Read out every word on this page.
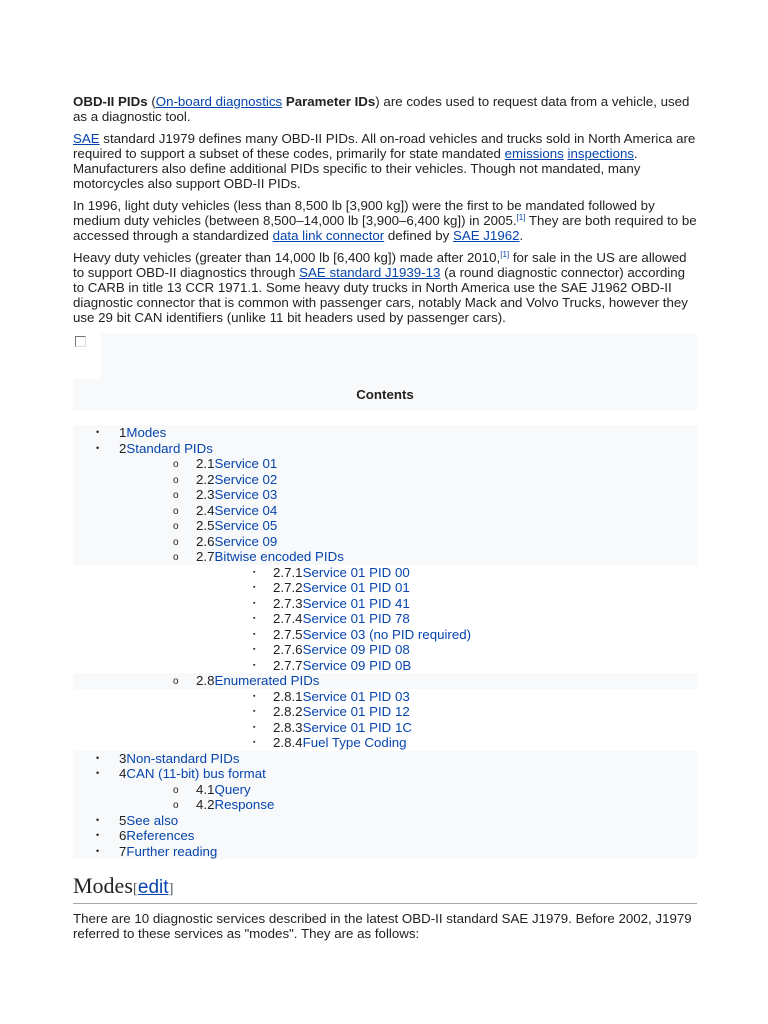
OBD-II PIDs (On-board diagnostics Parameter IDs) are codes used to request data from a vehicle, used as a diagnostic tool.

SAE standard J1979 defines many OBD-II PIDs. All on-road vehicles and trucks sold in North America are required to support a subset of these codes, primarily for state mandated emissions inspections. Manufacturers also define additional PIDs specific to their vehicles. Though not mandated, many motorcycles also support OBD-II PIDs.

In 1996, light duty vehicles (less than 8,500 lb [3,900 kg]) were the first to be mandated followed by medium duty vehicles (between 8,500–14,000 lb [3,900–6,400 kg]) in 2005.[1] They are both required to be accessed through a standardized data link connector defined by SAE J1962.

Heavy duty vehicles (greater than 14,000 lb [6,400 kg]) made after 2010,[1] for sale in the US are allowed to support OBD-II diagnostics through SAE standard J1939-13 (a round diagnostic connector) according to CARB in title 13 CCR 1971.1. Some heavy duty trucks in North America use the SAE J1962 OBD-II diagnostic connector that is common with passenger cars, notably Mack and Volvo Trucks, however they use 29 bit CAN identifiers (unlike 11 bit headers used by passenger cars).

Contents
• 1Modes
• 2Standard PIDs
o 2.1Service 01
o 2.2Service 02
o 2.3Service 03
o 2.4Service 04
o 2.5Service 05
o 2.6Service 09
o 2.7Bitwise encoded PIDs
▪ 2.7.1Service 01 PID 00
▪ 2.7.2Service 01 PID 01
▪ 2.7.3Service 01 PID 41
▪ 2.7.4Service 01 PID 78
▪ 2.7.5Service 03 (no PID required)
▪ 2.7.6Service 09 PID 08
▪ 2.7.7Service 09 PID 0B
o 2.8Enumerated PIDs
▪ 2.8.1Service 01 PID 03
▪ 2.8.2Service 01 PID 12
▪ 2.8.3Service 01 PID 1C
▪ 2.8.4Fuel Type Coding
• 3Non-standard PIDs
• 4CAN (11-bit) bus format
o 4.1Query
o 4.2Response
• 5See also
• 6References
• 7Further reading
Modes[edit]

There are 10 diagnostic services described in the latest OBD-II standard SAE J1979. Before 2002, J1979 referred to these services as "modes". They are as follows:
